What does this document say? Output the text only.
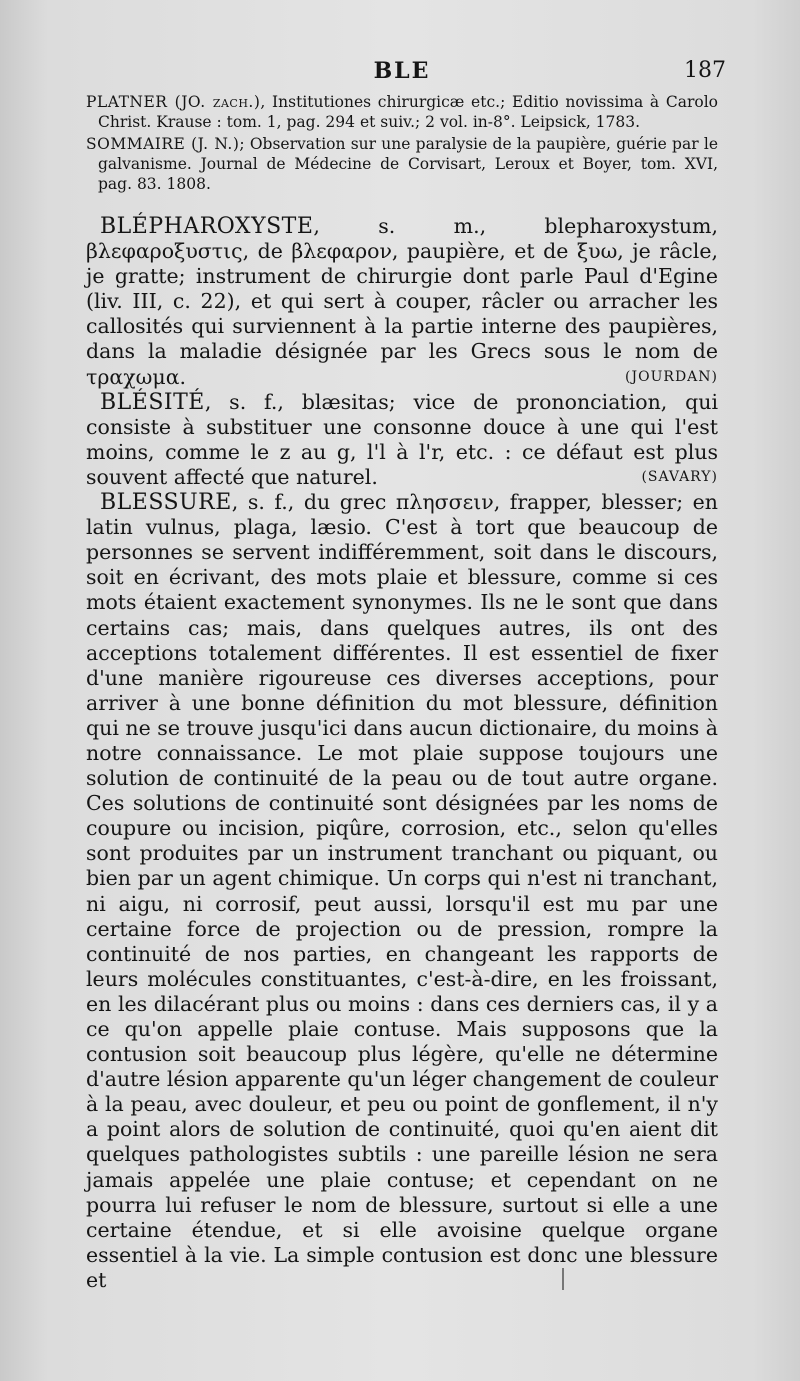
BLE	187

PLATNER (JO. zach.), Institutiones chirurgicæ etc.; Editio novissima à Carolo Christ. Krause : tom. 1, pag. 294 et suiv.; 2 vol. in-8°. Leipsick, 1783.

SOMMAIRE (J. N.); Observation sur une paralysie de la paupière, guérie par le galvanisme. Journal de Médecine de Corvisart, Leroux et Boyer, tom. XVI, pag. 83. 1808.

BLÉPHAROXYSTE, s. m., blepharoxystum, βλεφαροξυστις, de βλεφαρον, paupière, et de ξυω, je râcle, je gratte; instrument de chirurgie dont parle Paul d'Egine (liv. III, c. 22), et qui sert à couper, râcler ou arracher les callosités qui surviennent à la partie interne des paupières, dans la maladie désignée par les Grecs sous le nom de τραχωμα.	(JOURDAN)

BLÉSITÉ, s. f., blæsitas; vice de prononciation, qui consiste à substituer une consonne douce à une qui l'est moins, comme le z au g, l'l à l'r, etc. : ce défaut est plus souvent affecté que naturel.	(SAVARY)

BLESSURE, s. f., du grec πλησσειν, frapper, blesser; en latin vulnus, plaga, læsio. C'est à tort que beaucoup de personnes se servent indifféremment, soit dans le discours, soit en écrivant, des mots plaie et blessure, comme si ces mots étaient exactement synonymes. Ils ne le sont que dans certains cas; mais, dans quelques autres, ils ont des acceptions totalement différentes. Il est essentiel de fixer d'une manière rigoureuse ces diverses acceptions, pour arriver à une bonne définition du mot blessure, définition qui ne se trouve jusqu'ici dans aucun dictionaire, du moins à notre connaissance. Le mot plaie suppose toujours une solution de continuité de la peau ou de tout autre organe. Ces solutions de continuité sont désignées par les noms de coupure ou incision, piqûre, corrosion, etc., selon qu'elles sont produites par un instrument tranchant ou piquant, ou bien par un agent chimique. Un corps qui n'est ni tranchant, ni aigu, ni corrosif, peut aussi, lorsqu'il est mu par une certaine force de projection ou de pression, rompre la continuité de nos parties, en changeant les rapports de leurs molécules constituantes, c'est-à-dire, en les froissant, en les dilacérant plus ou moins : dans ces derniers cas, il y a ce qu'on appelle plaie contuse. Mais supposons que la contusion soit beaucoup plus légère, qu'elle ne détermine d'autre lésion apparente qu'un léger changement de couleur à la peau, avec douleur, et peu ou point de gonflement, il n'y a point alors de solution de continuité, quoi qu'en aient dit quelques pathologistes subtils : une pareille lésion ne sera jamais appelée une plaie contuse; et cependant on ne pourra lui refuser le nom de blessure, surtout si elle a une certaine étendue, et si elle avoisine quelque organe essentiel à la vie. La simple contusion est donc une blessure et
